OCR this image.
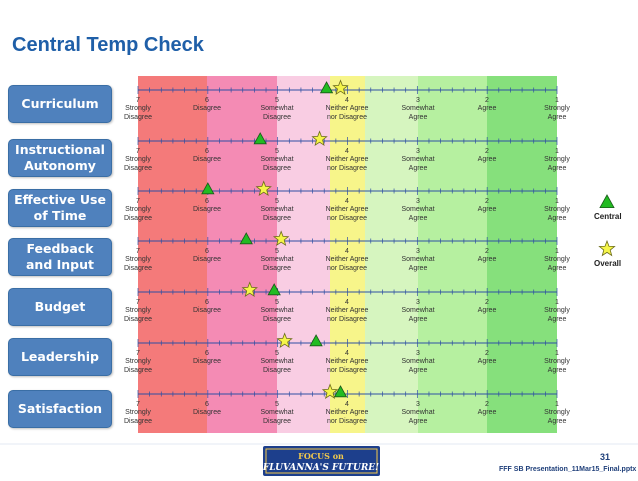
Central Temp Check
Curriculum
Instructional
Autonomy
Effective Use
of Time
Feedback
and Input
Budget
Leadership
Satisfaction
7
Strongly
Disagree
6
Disagree
5
Somewhat
Disagree
4
Neither Agree
nor Disagree
3
Somewhat
Agree
2
Agree
1
Strongly
Agree
7
Strongly
Disagree
6
Disagree
5
Somewhat
Disagree
4
Neither Agree
nor Disagree
3
Somewhat
Agree
2
Agree
1
Strongly
Agree
7
Strongly
Disagree
6
Disagree
5
Somewhat
Disagree
4
Neither Agree
nor Disagree
3
Somewhat
Agree
2
Agree
1
Strongly
Agree
7
Strongly
Disagree
6
Disagree
5
Somewhat
Disagree
4
Neither Agree
nor Disagree
3
Somewhat
Agree
2
Agree
1
Strongly
Agree
7
Strongly
Disagree
6
Disagree
5
Somewhat
Disagree
4
Neither Agree
nor Disagree
3
Somewhat
Agree
2
Agree
1
Strongly
Agree
7
Strongly
Disagree
6
Disagree
5
Somewhat
Disagree
4
Neither Agree
nor Disagree
3
Somewhat
Agree
2
Agree
1
Strongly
Agree
7
Strongly
Disagree
6
Disagree
5
Somewhat
Disagree
4
Neither Agree
nor Disagree
3
Somewhat
Agree
2
Agree
1
Strongly
Agree
Central
Overall
FOCUS on
FLUVANNA'S FUTURE!
31
FFF SB Presentation_11Mar15_Final.pptx
